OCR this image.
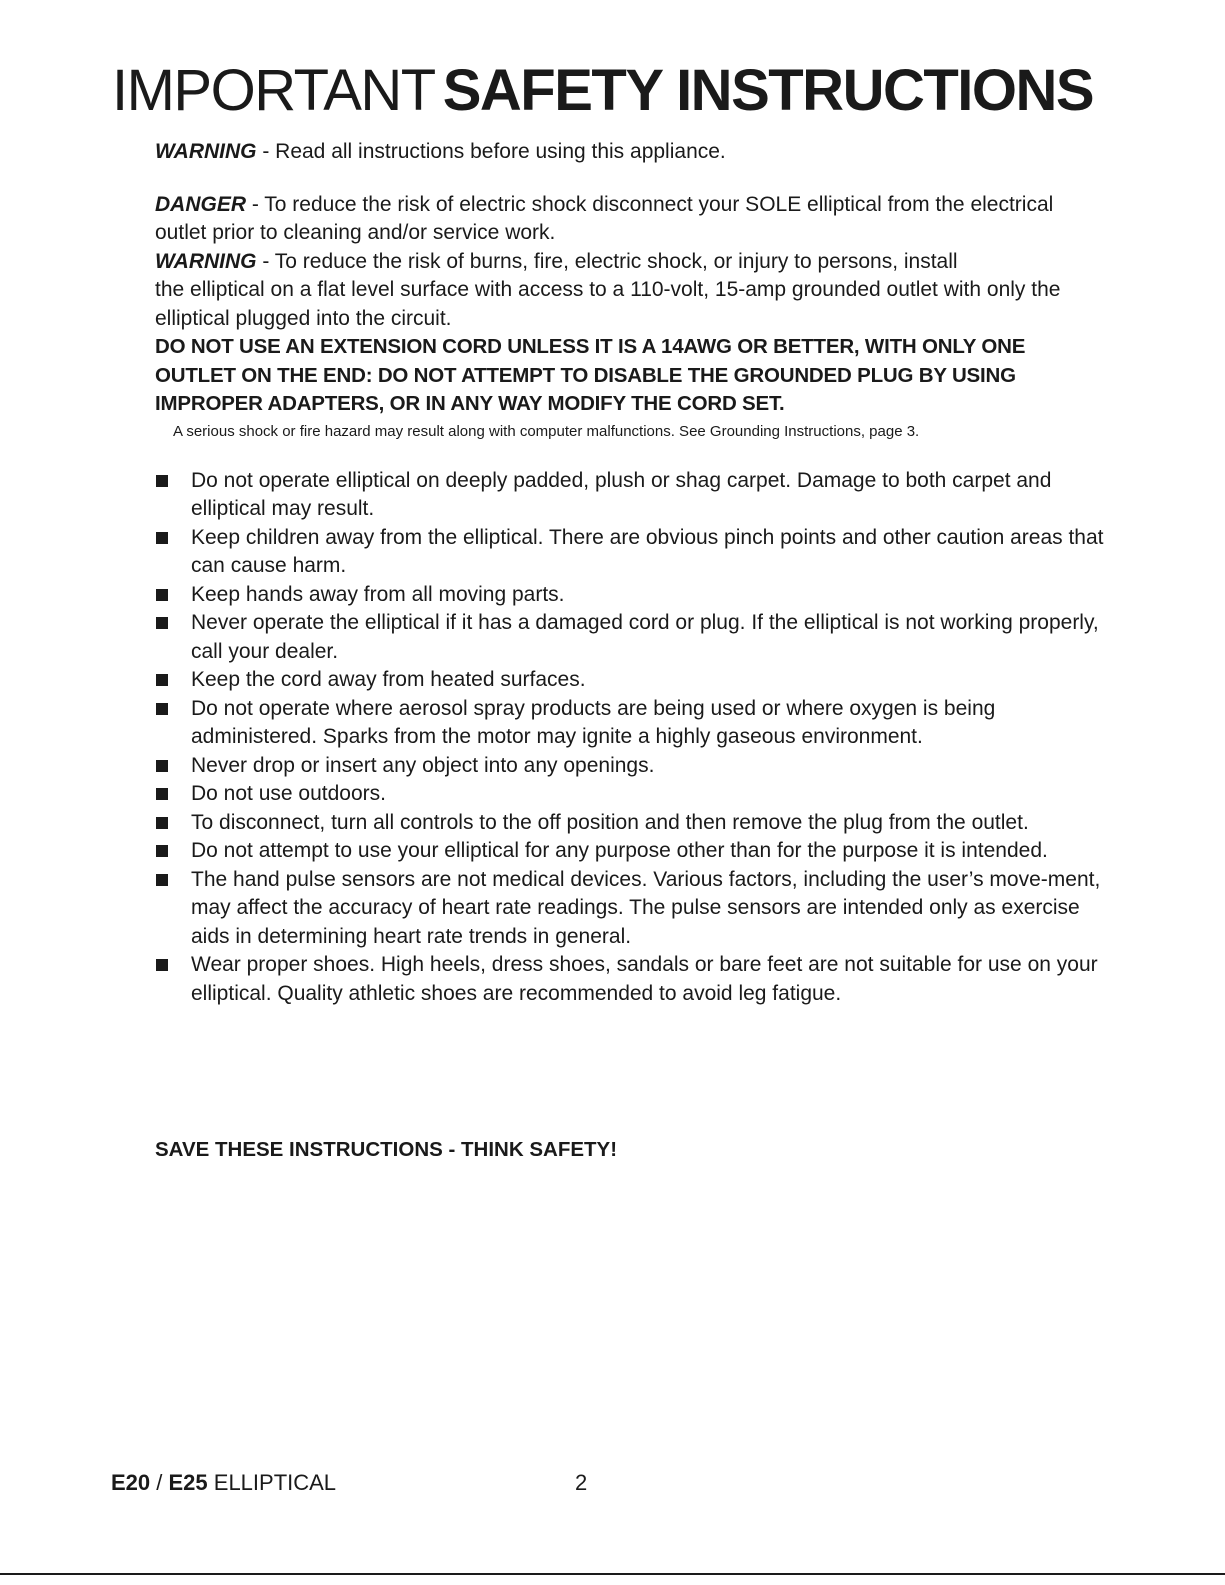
IMPORTANT SAFETY INSTRUCTIONS

WARNING - Read all instructions before using this appliance.

DANGER - To reduce the risk of electric shock disconnect your SOLE elliptical from the electrical outlet prior to cleaning and/or service work.

WARNING - To reduce the risk of burns, fire, electric shock, or injury to persons, install
the elliptical on a flat level surface with access to a 110-volt, 15-amp grounded outlet with only the elliptical plugged into the circuit.

DO NOT USE AN EXTENSION CORD UNLESS IT IS A 14AWG OR BETTER, WITH ONLY ONE OUTLET ON THE END: DO NOT ATTEMPT TO DISABLE THE GROUNDED PLUG BY USING IMPROPER ADAPTERS, OR IN ANY WAY MODIFY THE CORD SET.

A serious shock or fire hazard may result along with computer malfunctions. See Grounding Instructions, page 3.

Do not operate elliptical on deeply padded, plush or shag carpet. Damage to both carpet and elliptical may result.
Keep children away from the elliptical. There are obvious pinch points and other caution areas that can cause harm.
Keep hands away from all moving parts.
Never operate the elliptical if it has a damaged cord or plug. If the elliptical is not working properly, call your dealer.
Keep the cord away from heated surfaces.
Do not operate where aerosol spray products are being used or where oxygen is being administered. Sparks from the motor may ignite a highly gaseous environment.
Never drop or insert any object into any openings.
Do not use outdoors.
To disconnect, turn all controls to the off position and then remove the plug from the outlet.
Do not attempt to use your elliptical for any purpose other than for the purpose it is intended.
The hand pulse sensors are not medical devices. Various factors, including the user’s move-ment, may affect the accuracy of heart rate readings. The pulse sensors are intended only as exercise aids in determining heart rate trends in general.
Wear proper shoes. High heels, dress shoes, sandals or bare feet are not suitable for use on your elliptical. Quality athletic shoes are recommended to avoid leg fatigue.

SAVE THESE INSTRUCTIONS - THINK SAFETY!

E20 / E25 ELLIPTICAL	2
